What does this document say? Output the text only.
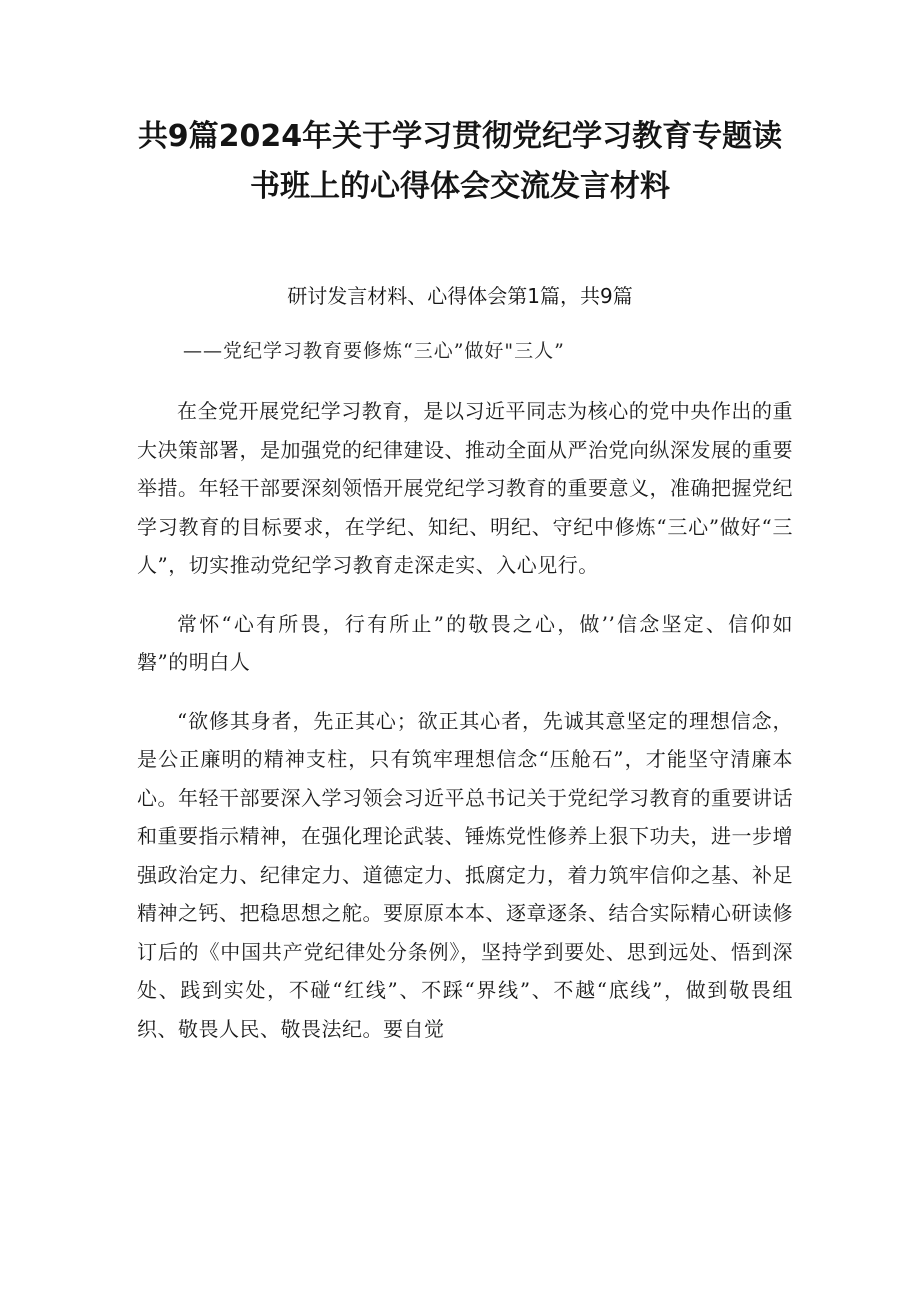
共9篇2024年关于学习贯彻党纪学习教育专题读
书班上的心得体会交流发言材料
研讨发言材料、心得体会第1篇，共9篇
——党纪学习教育要修炼“三心”做好"三人”

在全党开展党纪学习教育，是以习近平同志为核心的党中央作出的重大决策部署，是加强党的纪律建设、推动全面从严治党向纵深发展的重要举措。年轻干部要深刻领悟开展党纪学习教育的重要意义，准确把握党纪学习教育的目标要求，在学纪、知纪、明纪、守纪中修炼“三心”做好“三人”，切实推动党纪学习教育走深走实、入心见行。

常怀“心有所畏，行有所止”的敬畏之心，做’’信念坚定、信仰如磐”的明白人

“欲修其身者，先正其心；欲正其心者，先诚其意坚定的理想信念，是公正廉明的精神支柱，只有筑牢理想信念“压舱石”，才能坚守清廉本心。年轻干部要深入学习领会习近平总书记关于党纪学习教育的重要讲话和重要指示精神，在强化理论武装、锤炼党性修养上狠下功夫，进一步增强政治定力、纪律定力、道德定力、抵腐定力，着力筑牢信仰之基、补足精神之钙、把稳思想之舵。要原原本本、逐章逐条、结合实际精心研读修订后的《中国共产党纪律处分条例》，坚持学到要处、思到远处、悟到深处、践到实处，不碰“红线”、不踩“界线”、不越“底线”，做到敬畏组织、敬畏人民、敬畏法纪。要自觉
